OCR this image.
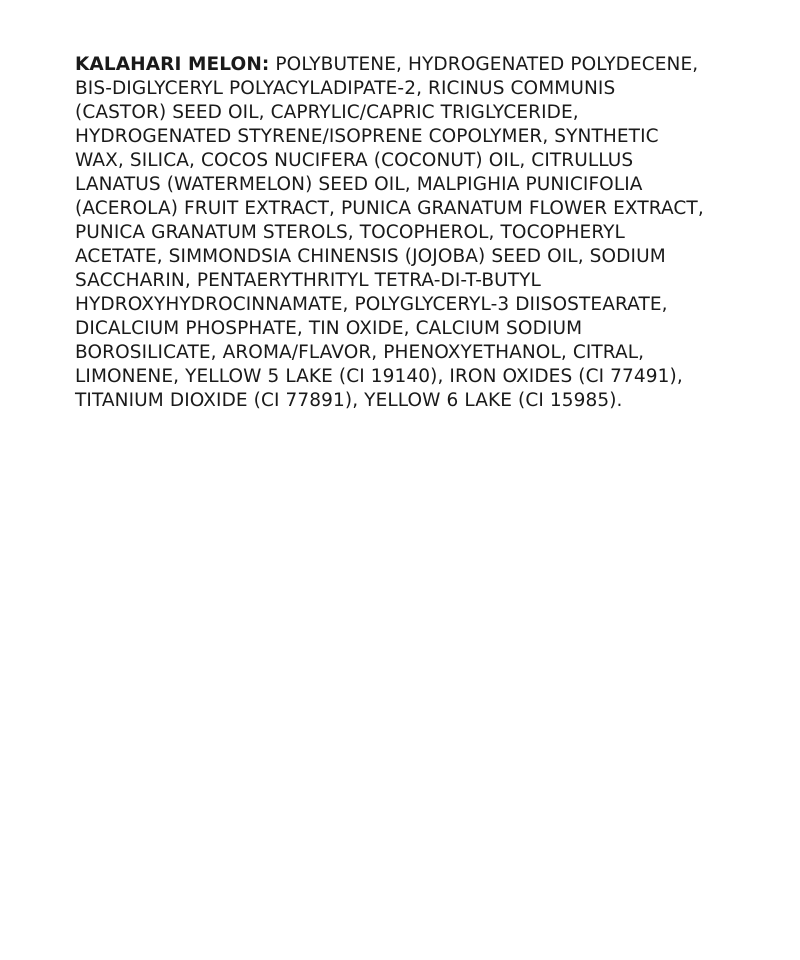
KALAHARI MELON: POLYBUTENE, HYDROGENATED POLYDECENE,
BIS-DIGLYCERYL POLYACYLADIPATE-2, RICINUS COMMUNIS
(CASTOR) SEED OIL, CAPRYLIC/CAPRIC TRIGLYCERIDE,
HYDROGENATED STYRENE/ISOPRENE COPOLYMER, SYNTHETIC
WAX, SILICA, COCOS NUCIFERA (COCONUT) OIL, CITRULLUS
LANATUS (WATERMELON) SEED OIL, MALPIGHIA PUNICIFOLIA
(ACEROLA) FRUIT EXTRACT, PUNICA GRANATUM FLOWER EXTRACT,
PUNICA GRANATUM STEROLS, TOCOPHEROL, TOCOPHERYL
ACETATE, SIMMONDSIA CHINENSIS (JOJOBA) SEED OIL, SODIUM
SACCHARIN, PENTAERYTHRITYL TETRA-DI-T-BUTYL
HYDROXYHYDROCINNAMATE, POLYGLYCERYL-3 DIISOSTEARATE,
DICALCIUM PHOSPHATE, TIN OXIDE, CALCIUM SODIUM
BOROSILICATE, AROMA/FLAVOR, PHENOXYETHANOL, CITRAL,
LIMONENE, YELLOW 5 LAKE (CI 19140), IRON OXIDES (CI 77491),
TITANIUM DIOXIDE (CI 77891), YELLOW 6 LAKE (CI 15985).
